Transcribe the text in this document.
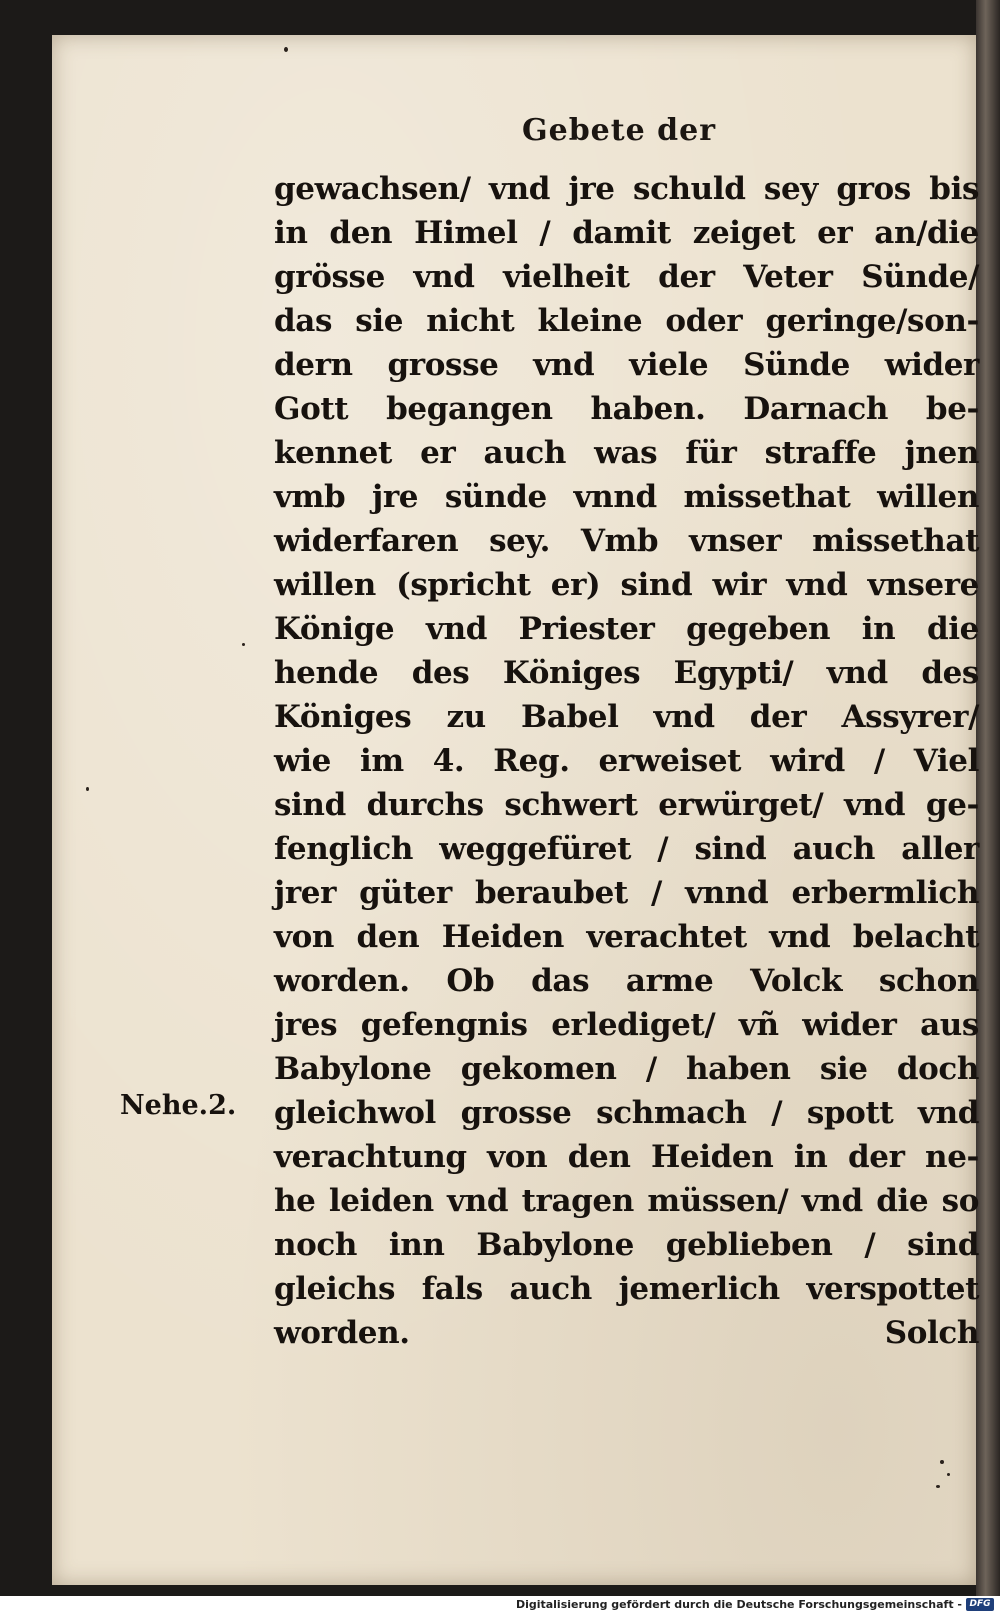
Gebete der
gewachsen/ vnd jre schuld sey gros bis
in den Himel / damit zeiget er an/die
grösse vnd vielheit der Veter Sünde/
das sie nicht kleine oder geringe/son-
dern grosse vnd viele Sünde wider
Gott begangen haben. Darnach be-
kennet er auch was für straffe jnen
vmb jre sünde vnnd missethat willen
widerfaren sey. Vmb vnser missethat
willen (spricht er) sind wir vnd vnsere
Könige vnd Priester gegeben in die
hende des Königes Egypti/ vnd des
Königes zu Babel vnd der Assyrer/
wie im 4. Reg. erweiset wird / Viel
sind durchs schwert erwürget/ vnd ge-
fenglich weggefüret / sind auch aller
jrer güter beraubet / vnnd erbermlich
von den Heiden verachtet vnd belacht
worden. Ob das arme Volck schon
jres gefengnis erlediget/ vñ wider aus
Babylone gekomen / haben sie doch
gleichwol grosse schmach / spott vnd
verachtung von den Heiden in der ne-
he leiden vnd tragen müssen/ vnd die so
noch inn Babylone geblieben / sind
gleichs fals auch jemerlich verspottet
worden.	Solch
Nehe.2.
Digitalisierung gefördert durch die Deutsche Forschungsgemeinschaft - DFG
